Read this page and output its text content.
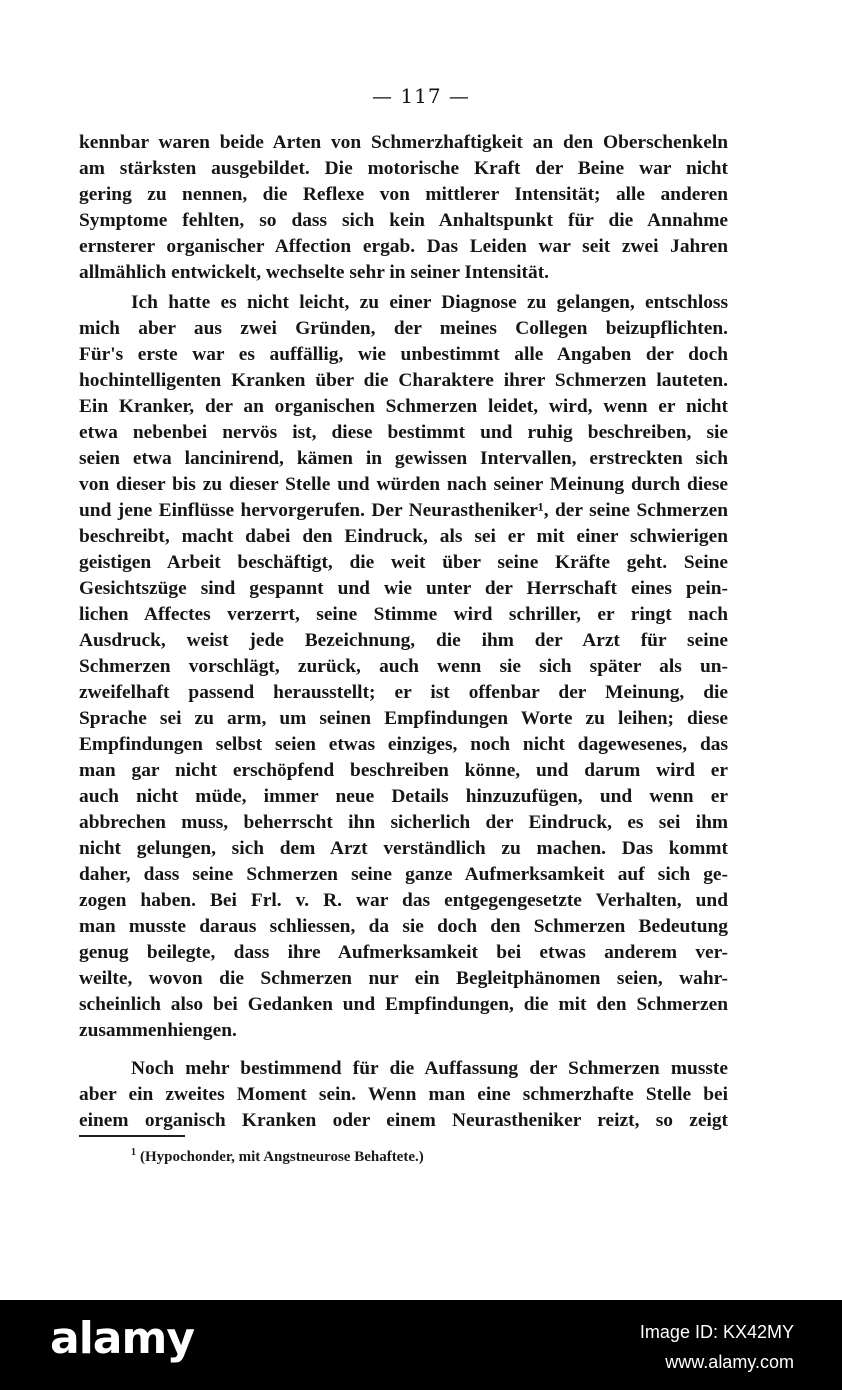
— 117 —
kennbar waren beide Arten von Schmerzhaftigkeit an den Oberschenkeln
am stärksten ausgebildet. Die motorische Kraft der Beine war nicht
gering zu nennen, die Reflexe von mittlerer Intensität; alle anderen
Symptome fehlten, so dass sich kein Anhaltspunkt für die Annahme
ernsterer organischer Affection ergab. Das Leiden war seit zwei Jahren
allmählich entwickelt, wechselte sehr in seiner Intensität.
Ich hatte es nicht leicht, zu einer Diagnose zu gelangen, entschloss
mich aber aus zwei Gründen, der meines Collegen beizupflichten.
Für's erste war es auffällig, wie unbestimmt alle Angaben der doch
hochintelligenten Kranken über die Charaktere ihrer Schmerzen lauteten.
Ein Kranker, der an organischen Schmerzen leidet, wird, wenn er nicht
etwa nebenbei nervös ist, diese bestimmt und ruhig beschreiben, sie
seien etwa lancinirend, kämen in gewissen Intervallen, erstreckten sich
von dieser bis zu dieser Stelle und würden nach seiner Meinung durch diese
und jene Einflüsse hervorgerufen. Der Neurastheniker¹, der seine Schmerzen
beschreibt, macht dabei den Eindruck, als sei er mit einer schwierigen
geistigen Arbeit beschäftigt, die weit über seine Kräfte geht. Seine
Gesichtszüge sind gespannt und wie unter der Herrschaft eines pein-
lichen Affectes verzerrt, seine Stimme wird schriller, er ringt nach
Ausdruck, weist jede Bezeichnung, die ihm der Arzt für seine
Schmerzen vorschlägt, zurück, auch wenn sie sich später als un-
zweifelhaft passend herausstellt; er ist offenbar der Meinung, die
Sprache sei zu arm, um seinen Empfindungen Worte zu leihen; diese
Empfindungen selbst seien etwas einziges, noch nicht dagewesenes, das
man gar nicht erschöpfend beschreiben könne, und darum wird er
auch nicht müde, immer neue Details hinzuzufügen, und wenn er
abbrechen muss, beherrscht ihn sicherlich der Eindruck, es sei ihm
nicht gelungen, sich dem Arzt verständlich zu machen. Das kommt
daher, dass seine Schmerzen seine ganze Aufmerksamkeit auf sich ge-
zogen haben. Bei Frl. v. R. war das entgegengesetzte Verhalten, und
man musste daraus schliessen, da sie doch den Schmerzen Bedeutung
genug beilegte, dass ihre Aufmerksamkeit bei etwas anderem ver-
weilte, wovon die Schmerzen nur ein Begleitphänomen seien, wahr-
scheinlich also bei Gedanken und Empfindungen, die mit den Schmerzen
zusammenhiengen.
Noch mehr bestimmend für die Auffassung der Schmerzen musste
aber ein zweites Moment sein. Wenn man eine schmerzhafte Stelle bei
einem organisch Kranken oder einem Neurastheniker reizt, so zeigt
$^1$ (Hypochonder, mit Angstneurose Behaftete.)
alamy	Image ID: KX42MY
www.alamy.com
